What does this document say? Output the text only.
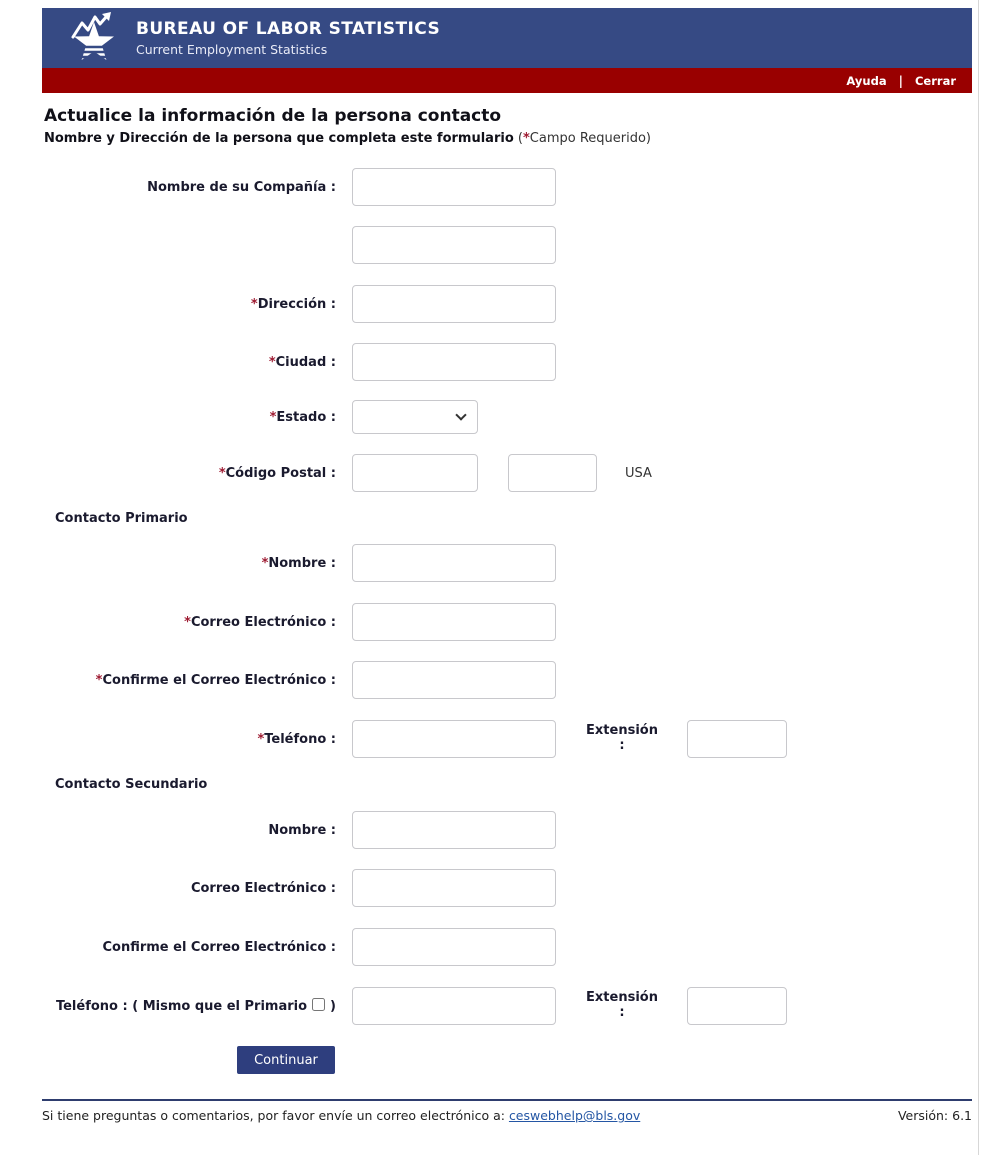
BUREAU OF LABOR STATISTICS
Current Employment Statistics
Ayuda | Cerrar
Actualice la información de la persona contacto
Nombre y Dirección de la persona que completa este formulario (*Campo Requerido)
Nombre de su Compañía :
*Dirección :
*Ciudad :
*Estado :
*Código Postal :	USA
Contacto Primario
*Nombre :
*Correo Electrónico :
*Confirme el Correo Electrónico :
*Teléfono :
Extensión :
Contacto Secundario
Nombre :
Correo Electrónico :
Confirme el Correo Electrónico :
Teléfono : ( Mismo que el Primario )
Extensión :
Continuar
Si tiene preguntas o comentarios, por favor envíe un correo electrónico a: ceswebhelp@bls.gov	Versión: 6.1
